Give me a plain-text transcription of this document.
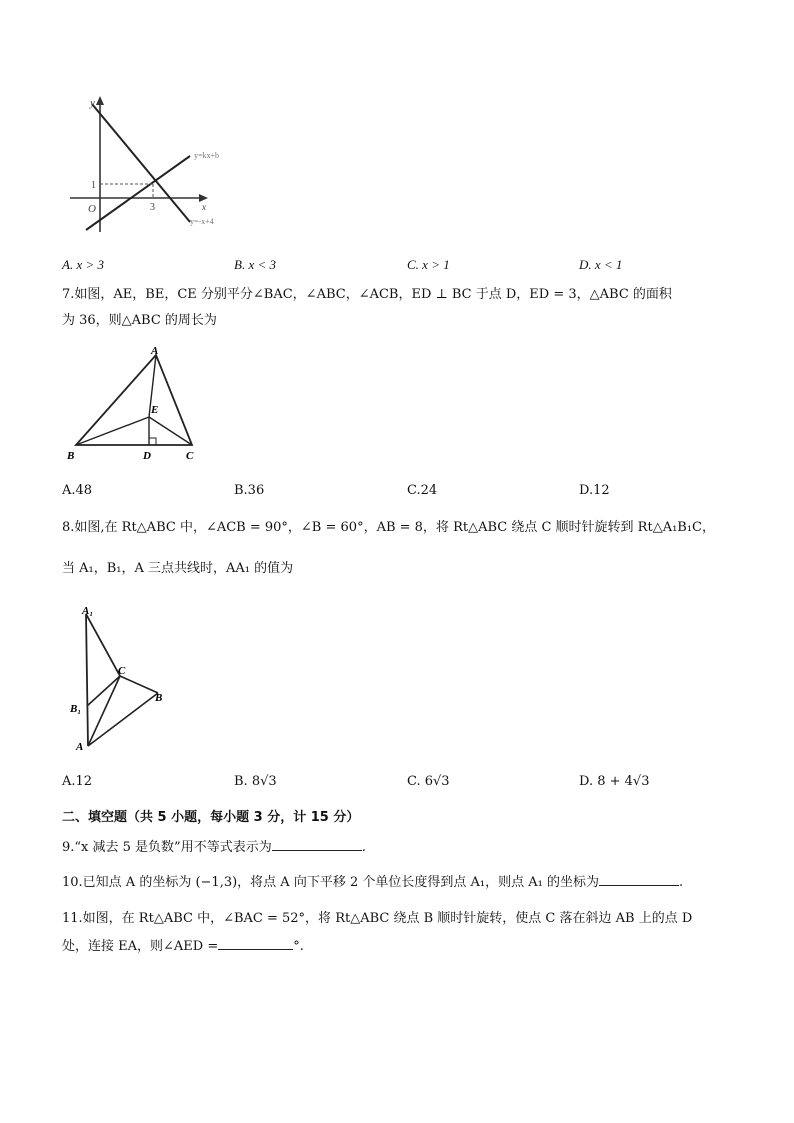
y
x
O
1
3
y=kx+b
y=-x+4
A. x > 3	B. x < 3	C. x > 1	D. x < 1
7.如图，AE，BE，CE 分别平分∠BAC，∠ABC，∠ACB，ED ⊥ BC 于点 D，ED = 3，△ABC 的面积
为 36，则△ABC 的周长为
A
E
B	D	C
A.48	B.36	C.24	D.12
8.如图,在 Rt△ABC 中，∠ACB = 90°，∠B = 60°，AB = 8，将 Rt△ABC 绕点 C 顺时针旋转到 Rt△A₁B₁C，
当 A₁，B₁，A 三点共线时，AA₁ 的值为
A₁
C
B
B₁
A
A.12	B. 8√3	C. 6√3	D. 8 + 4√3
二、填空题（共 5 小题，每小题 3 分，计 15 分）
9.“x 减去 5 是负数”用不等式表示为	.
10.已知点 A 的坐标为 (−1,3)，将点 A 向下平移 2 个单位长度得到点 A₁，则点 A₁ 的坐标为	.
11.如图，在 Rt△ABC 中，∠BAC = 52°，将 Rt△ABC 绕点 B 顺时针旋转，使点 C 落在斜边 AB 上的点 D
处，连接 EA，则∠AED =	°.
